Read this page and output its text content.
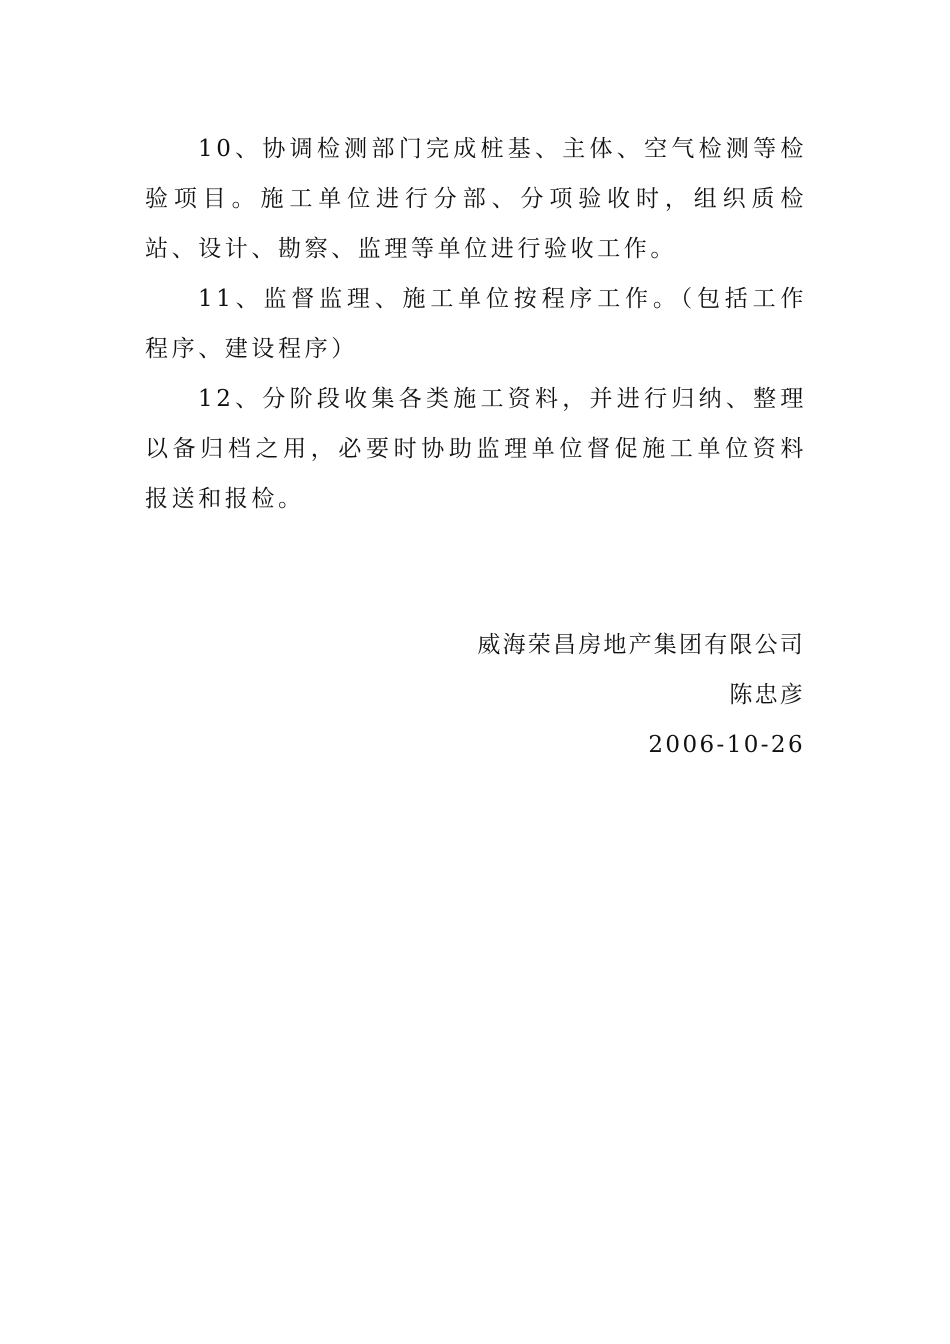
10、协调检测部门完成桩基、主体、空气检测等检验项目。施工单位进行分部、分项验收时，组织质检站、设计、勘察、监理等单位进行验收工作。

11、监督监理、施工单位按程序工作。（包括工作程序、建设程序）

12、分阶段收集各类施工资料，并进行归纳、整理以备归档之用，必要时协助监理单位督促施工单位资料报送和报检。

威海荣昌房地产集团有限公司

陈忠彦

2006-10-26
